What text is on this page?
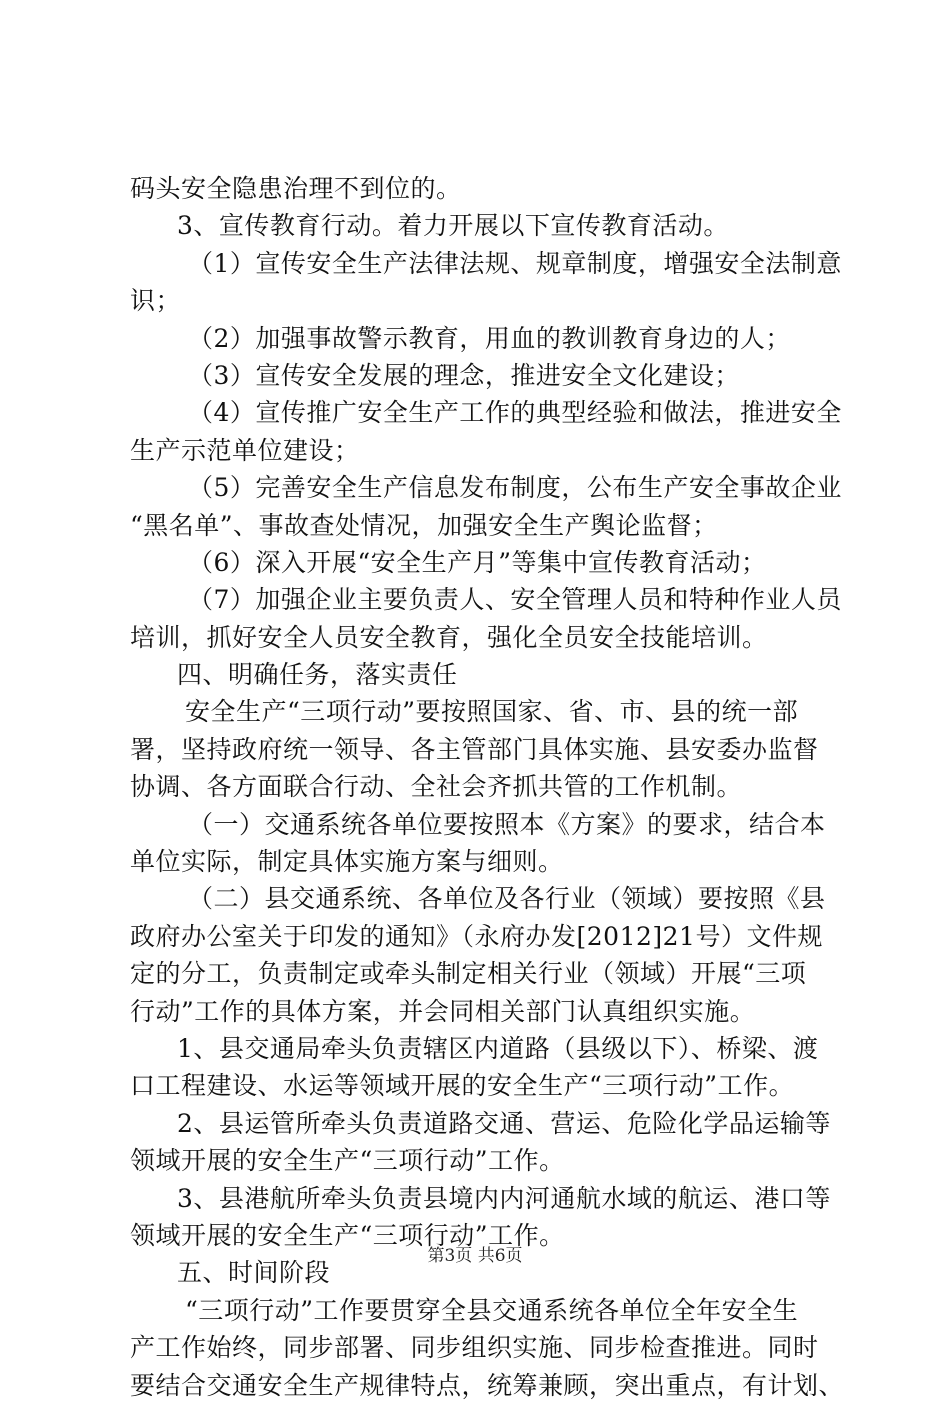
码头安全隐患治理不到位的。
3、宣传教育行动。着力开展以下宣传教育活动。
（1）宣传安全生产法律法规、规章制度，增强安全法制意
识；
（2）加强事故警示教育，用血的教训教育身边的人；
（3）宣传安全发展的理念，推进安全文化建设；
（4）宣传推广安全生产工作的典型经验和做法，推进安全
生产示范单位建设；
（5）完善安全生产信息发布制度，公布生产安全事故企业
“黑名单”、事故查处情况，加强安全生产舆论监督；
（6）深入开展“安全生产月”等集中宣传教育活动；
（7）加强企业主要负责人、安全管理人员和特种作业人员
培训，抓好安全人员安全教育，强化全员安全技能培训。
四、明确任务，落实责任
安全生产“三项行动”要按照国家、省、市、县的统一部
署，坚持政府统一领导、各主管部门具体实施、县安委办监督
协调、各方面联合行动、全社会齐抓共管的工作机制。
（一）交通系统各单位要按照本《方案》的要求，结合本
单位实际，制定具体实施方案与细则。
（二）县交通系统、各单位及各行业（领域）要按照《县
政府办公室关于印发的通知》（永府办发[2012]21号）文件规
定的分工，负责制定或牵头制定相关行业（领域）开展“三项
行动”工作的具体方案，并会同相关部门认真组织实施。
1、县交通局牵头负责辖区内道路（县级以下）、桥梁、渡
口工程建设、水运等领域开展的安全生产“三项行动”工作。
2、县运管所牵头负责道路交通、营运、危险化学品运输等
领域开展的安全生产“三项行动”工作。
3、县港航所牵头负责县境内内河通航水域的航运、港口等
领域开展的安全生产“三项行动”工作。
五、时间阶段
“三项行动”工作要贯穿全县交通系统各单位全年安全生
产工作始终，同步部署、同步组织实施、同步检查推进。同时
要结合交通安全生产规律特点，统筹兼顾，突出重点，有计划、
第3页 共6页
